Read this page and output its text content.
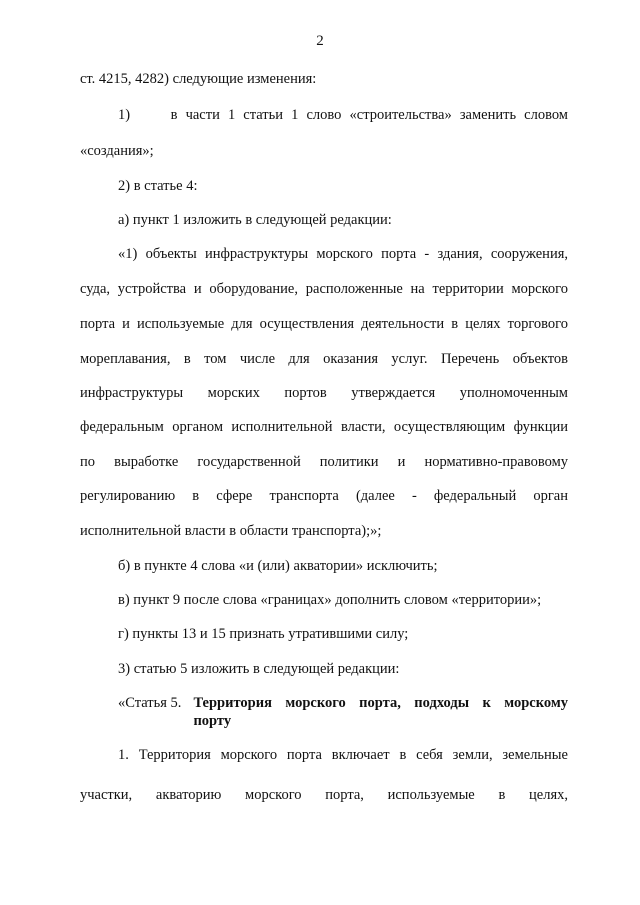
2
ст. 4215, 4282) следующие изменения:
1)     в части 1 статьи 1 слово «строительства» заменить словом
«создания»;
2) в статье 4:
а) пункт 1 изложить в следующей редакции:
«1) объекты инфраструктуры морского порта - здания, сооружения,
суда, устройства и оборудование, расположенные на территории морского
порта и используемые для осуществления деятельности в целях торгового
мореплавания, в том числе для оказания услуг. Перечень объектов
инфраструктуры морских портов утверждается уполномоченным
федеральным органом исполнительной власти, осуществляющим функции
по выработке государственной политики и нормативно-правовому
регулированию в сфере транспорта (далее - федеральный орган
исполнительной власти в области транспорта);»;
б) в пункте 4 слова «и (или) акватории» исключить;
в) пункт 9 после слова «границах» дополнить словом «территории»;
г) пункты 13 и 15 признать утратившими силу;
3) статью 5 изложить в следующей редакции:
«Статья 5. Территория морского порта, подходы к морскому
порту
1. Территория морского порта включает в себя земли, земельные
участки, акваторию морского порта, используемые в целях,
